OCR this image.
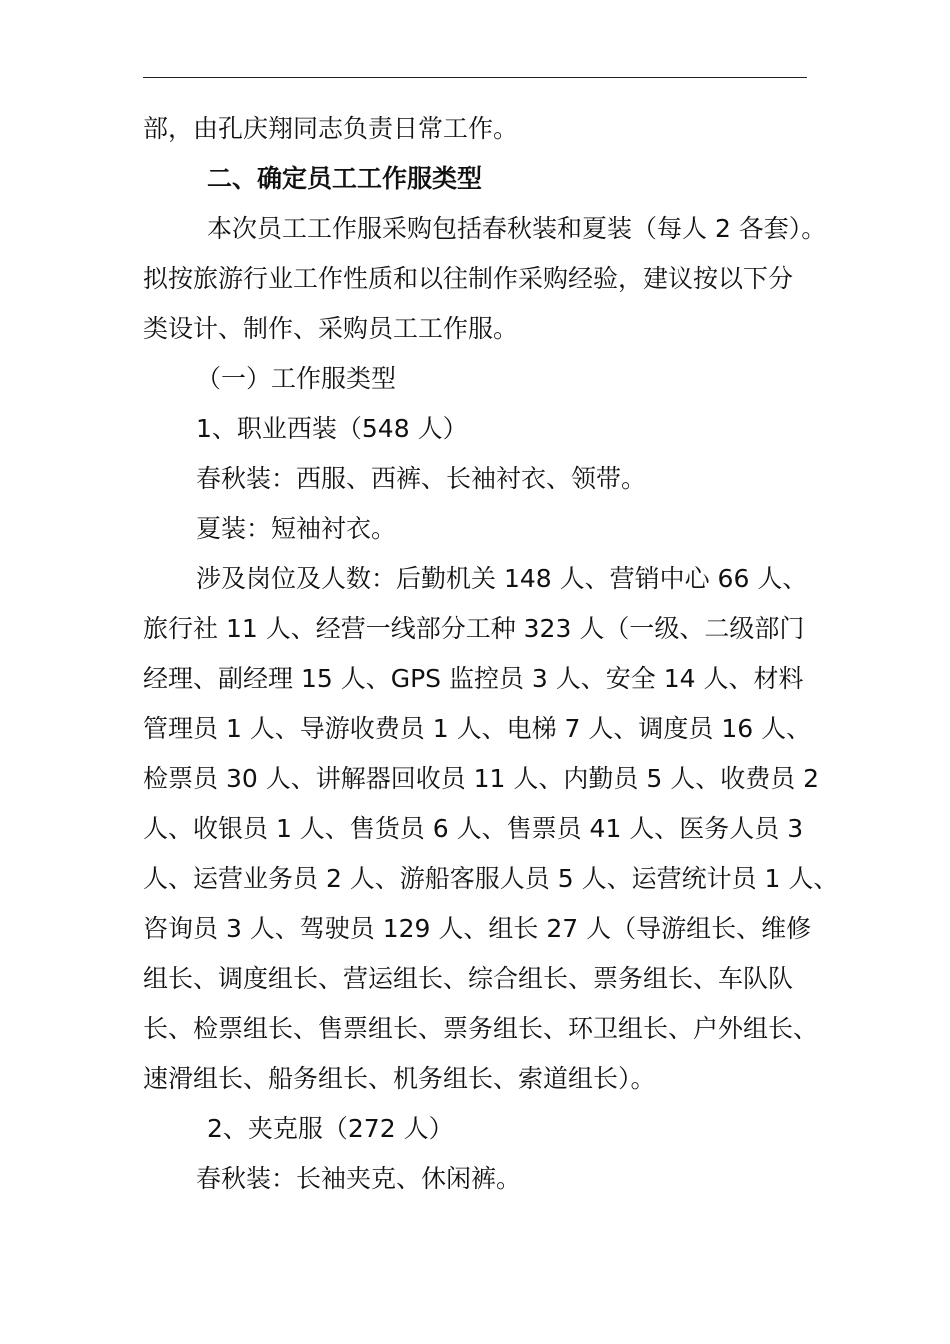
部，由孔庆翔同志负责日常工作。
二、确定员工工作服类型
本次员工工作服采购包括春秋装和夏装（每人 2 各套）。
拟按旅游行业工作性质和以往制作采购经验，建议按以下分
类设计、制作、采购员工工作服。
（一）工作服类型
1、职业西装（548 人）
春秋装：西服、西裤、长袖衬衣、领带。
夏装：短袖衬衣。
涉及岗位及人数：后勤机关 148 人、营销中心 66 人、
旅行社 11 人、经营一线部分工种 323 人（一级、二级部门
经理、副经理 15 人、GPS 监控员 3 人、安全 14 人、材料
管理员 1 人、导游收费员 1 人、电梯 7 人、调度员 16 人、
检票员 30 人、讲解器回收员 11 人、内勤员 5 人、收费员 2
人、收银员 1 人、售货员 6 人、售票员 41 人、医务人员 3
人、运营业务员 2 人、游船客服人员 5 人、运营统计员 1 人、
咨询员 3 人、驾驶员 129 人、组长 27 人（导游组长、维修
组长、调度组长、营运组长、综合组长、票务组长、车队队
长、检票组长、售票组长、票务组长、环卫组长、户外组长、
速滑组长、船务组长、机务组长、索道组长）。
2、夹克服（272 人）
春秋装：长袖夹克、休闲裤。
